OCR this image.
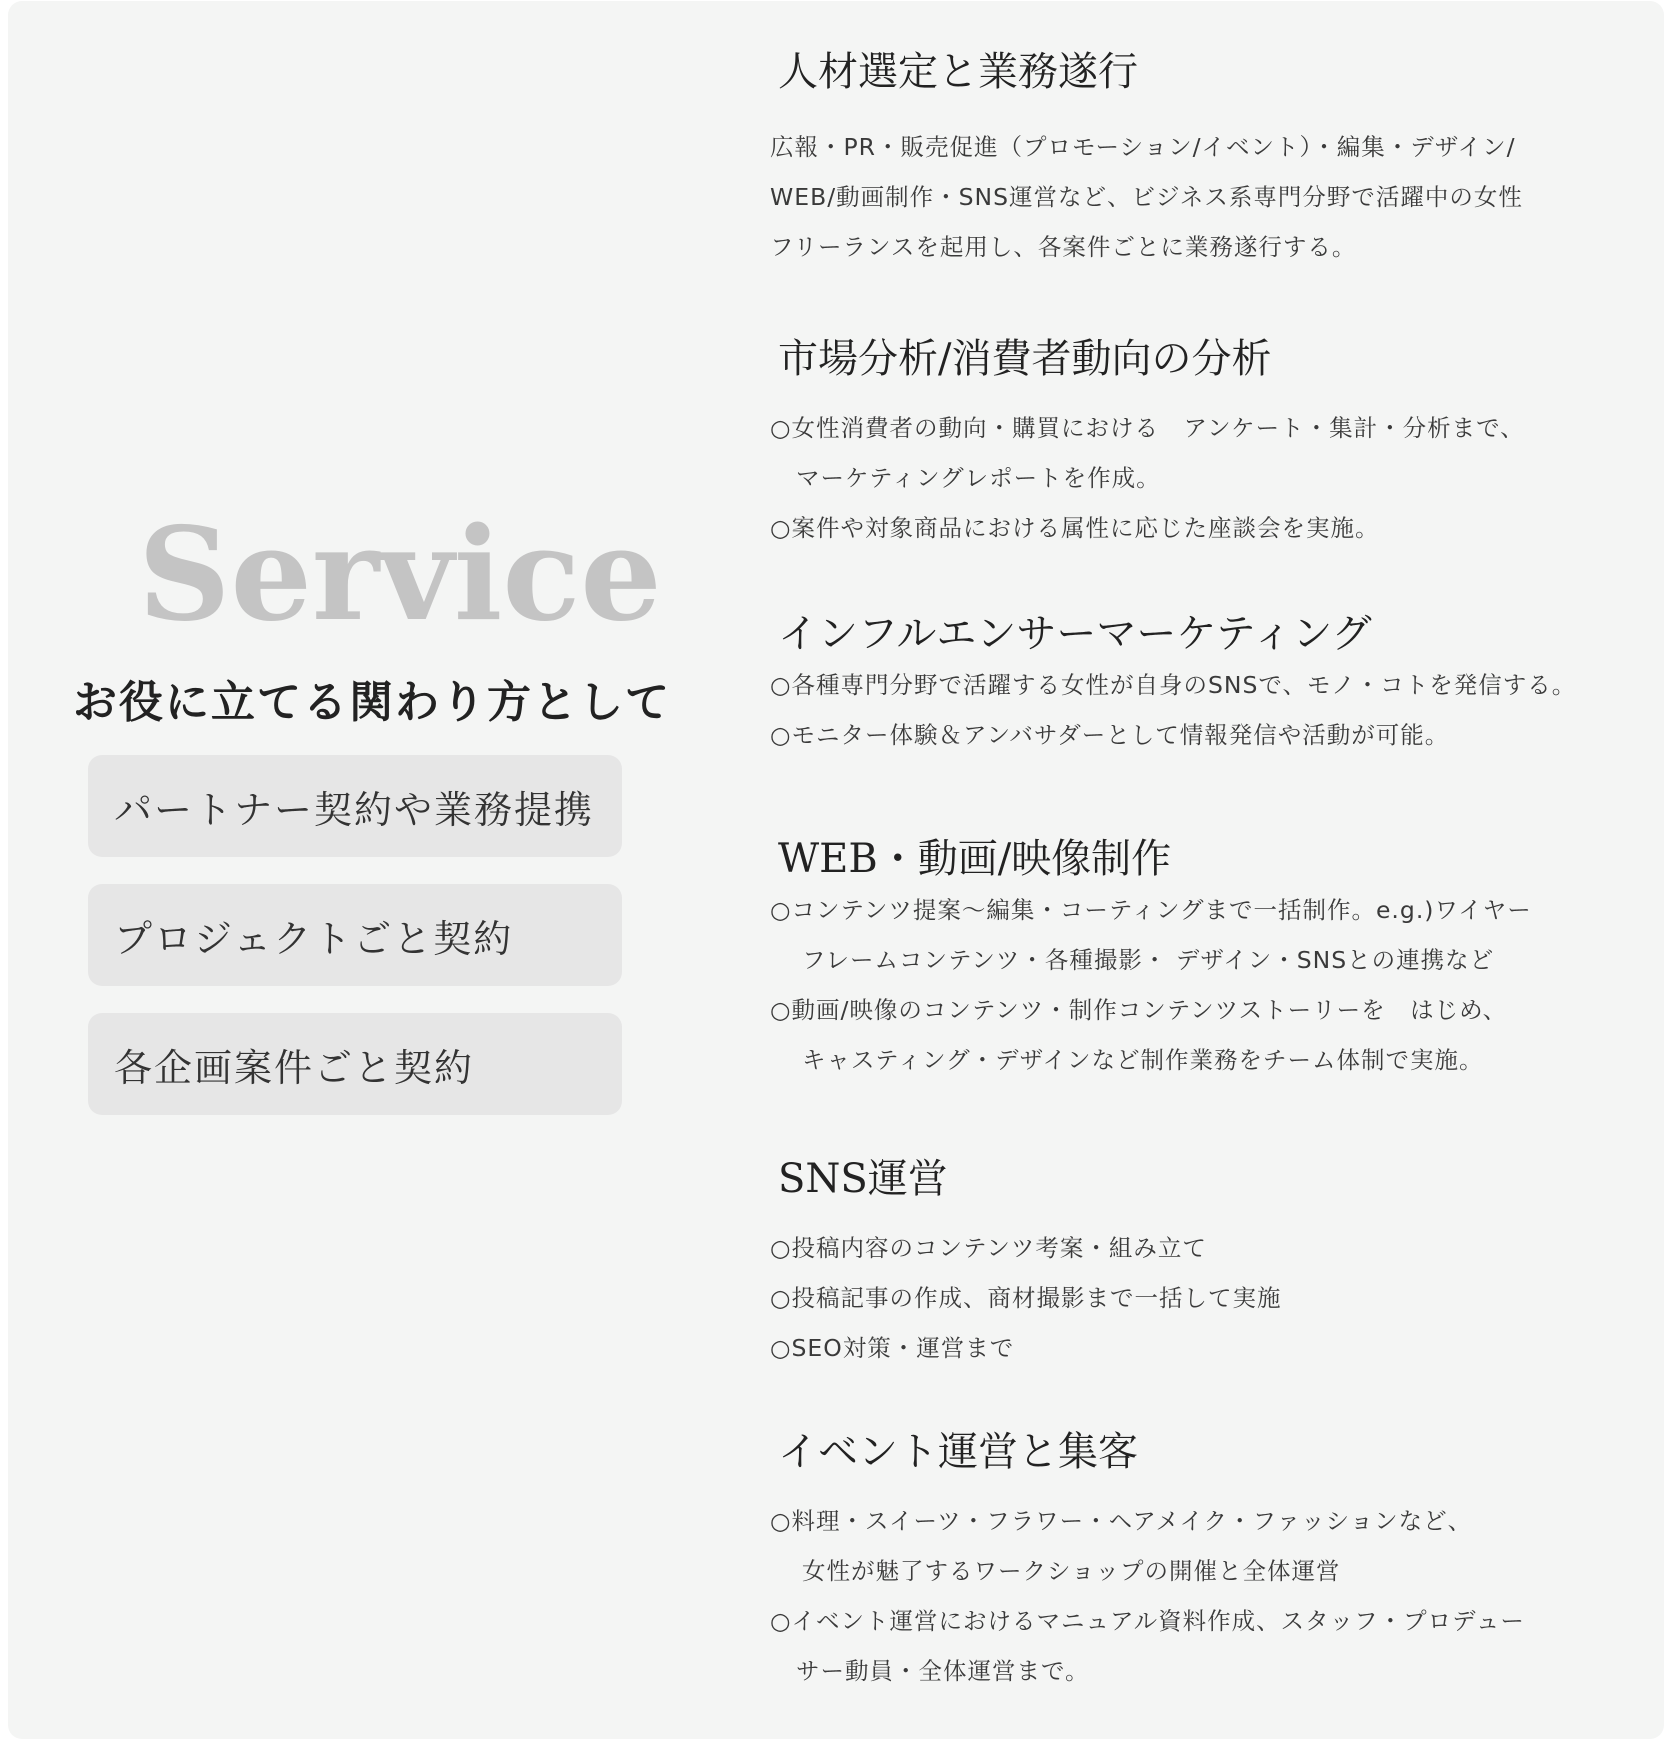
Service
お役に立てる関わり方として
パートナー契約や業務提携
プロジェクトごと契約
各企画案件ごと契約
人材選定と業務遂行
広報・PR・販売促進（プロモーション/イベント）・編集・デザイン/
WEB/動画制作・SNS運営など、ビジネス系専門分野で活躍中の女性
フリーランスを起用し、各案件ごとに業務遂行する。
市場分析/消費者動向の分析
○女性消費者の動向・購買における　アンケート・集計・分析まで、
マーケティングレポートを作成。
○案件や対象商品における属性に応じた座談会を実施。
インフルエンサーマーケティング
○各種専門分野で活躍する女性が自身のSNSで、モノ・コトを発信する。
○モニター体験＆アンバサダーとして情報発信や活動が可能。
WEB・動画/映像制作
○コンテンツ提案〜編集・コーティングまで一括制作。e.g.)ワイヤー
フレームコンテンツ・各種撮影・ デザイン・SNSとの連携など
○動画/映像のコンテンツ・制作コンテンツストーリーを　はじめ、
キャスティング・デザインなど制作業務をチーム体制で実施。
SNS運営
○投稿内容のコンテンツ考案・組み立て
○投稿記事の作成、商材撮影まで一括して実施
○SEO対策・運営まで
イベント運営と集客
○料理・スイーツ・フラワー・ヘアメイク・ファッションなど、
女性が魅了するワークショップの開催と全体運営
○イベント運営におけるマニュアル資料作成、スタッフ・プロデュー
サー動員・全体運営まで。
